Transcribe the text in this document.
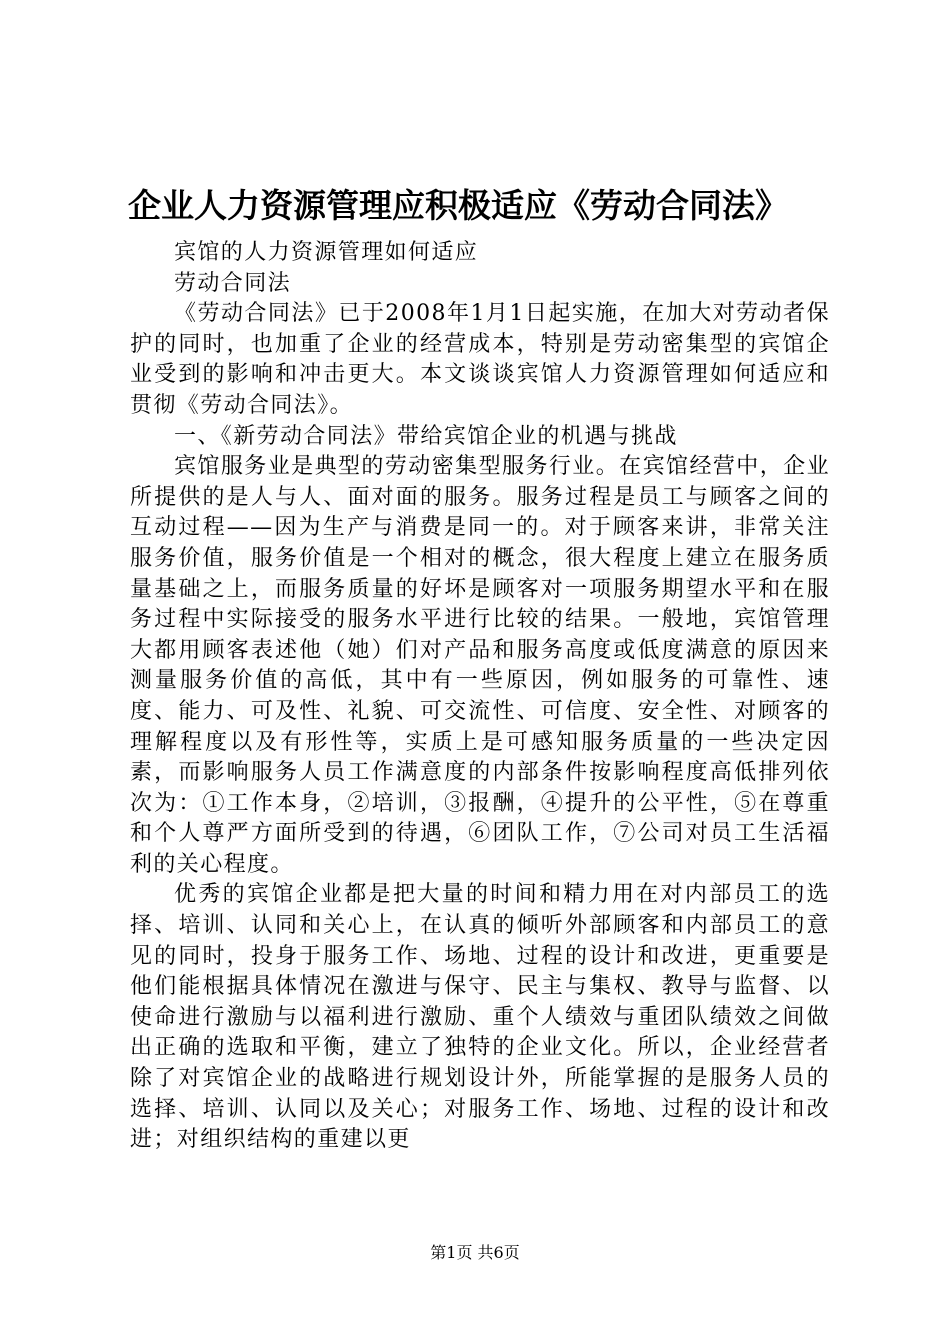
企业人力资源管理应积极适应《劳动合同法》

宾馆的人力资源管理如何适应

劳动合同法

《劳动合同法》已于2008年1月1日起实施，在加大对劳动者保护的同时，也加重了企业的经营成本，特别是劳动密集型的宾馆企业受到的影响和冲击更大。本文谈谈宾馆人力资源管理如何适应和贯彻《劳动合同法》。

一、《新劳动合同法》带给宾馆企业的机遇与挑战

宾馆服务业是典型的劳动密集型服务行业。在宾馆经营中，企业所提供的是人与人、面对面的服务。服务过程是员工与顾客之间的互动过程——因为生产与消费是同一的。对于顾客来讲，非常关注服务价值，服务价值是一个相对的概念，很大程度上建立在服务质量基础之上，而服务质量的好坏是顾客对一项服务期望水平和在服务过程中实际接受的服务水平进行比较的结果。一般地，宾馆管理大都用顾客表述他（她）们对产品和服务高度或低度满意的原因来测量服务价值的高低，其中有一些原因，例如服务的可靠性、速度、能力、可及性、礼貌、可交流性、可信度、安全性、对顾客的理解程度以及有形性等，实质上是可感知服务质量的一些决定因素，而影响服务人员工作满意度的内部条件按影响程度高低排列依次为：①工作本身，②培训，③报酬，④提升的公平性，⑤在尊重和个人尊严方面所受到的待遇，⑥团队工作，⑦公司对员工生活福利的关心程度。

优秀的宾馆企业都是把大量的时间和精力用在对内部员工的选择、培训、认同和关心上，在认真的倾听外部顾客和内部员工的意见的同时，投身于服务工作、场地、过程的设计和改进，更重要是他们能根据具体情况在激进与保守、民主与集权、教导与监督、以使命进行激励与以福利进行激励、重个人绩效与重团队绩效之间做出正确的选取和平衡，建立了独特的企业文化。所以，企业经营者除了对宾馆企业的战略进行规划设计外，所能掌握的是服务人员的选择、培训、认同以及关心；对服务工作、场地、过程的设计和改进；对组织结构的重建以更

第1页 共6页
